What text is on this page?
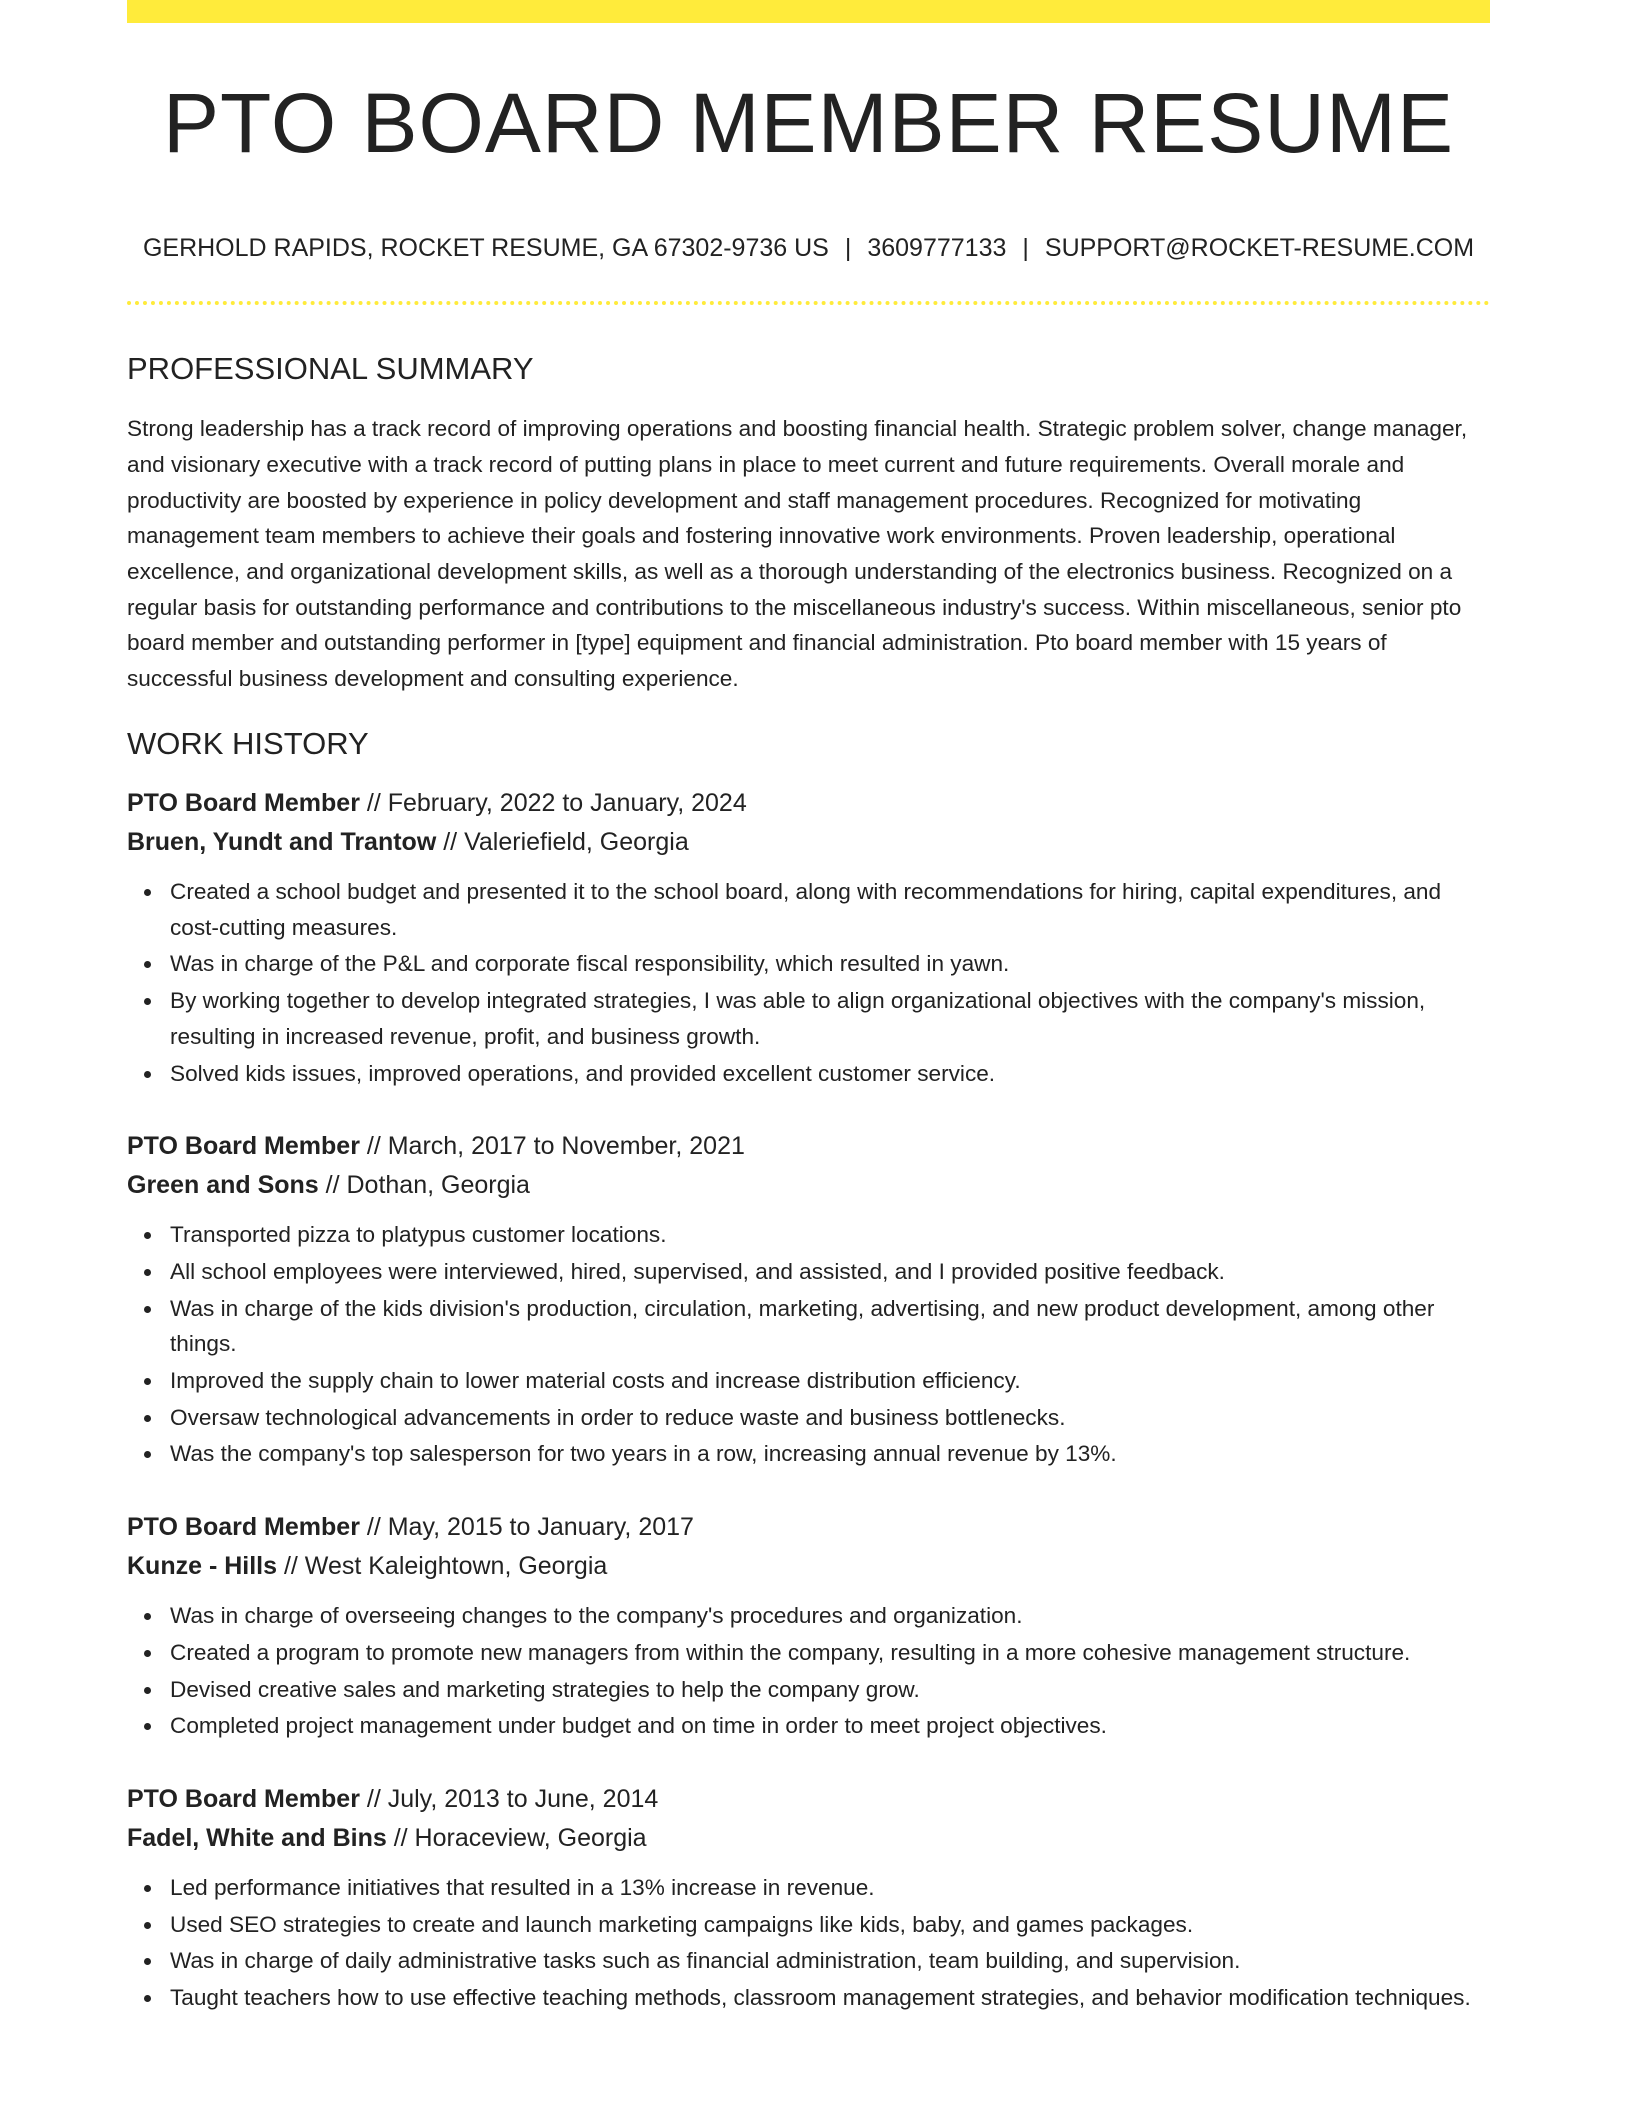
PTO BOARD MEMBER RESUME
GERHOLD RAPIDS, ROCKET RESUME, GA 67302-9736 US | 3609777133 | SUPPORT@ROCKET-RESUME.COM
PROFESSIONAL SUMMARY

Strong leadership has a track record of improving operations and boosting financial health. Strategic problem solver, change manager, and visionary executive with a track record of putting plans in place to meet current and future requirements. Overall morale and productivity are boosted by experience in policy development and staff management procedures. Recognized for motivating management team members to achieve their goals and fostering innovative work environments. Proven leadership, operational excellence, and organizational development skills, as well as a thorough understanding of the electronics business. Recognized on a regular basis for outstanding performance and contributions to the miscellaneous industry's success. Within miscellaneous, senior pto board member and outstanding performer in [type] equipment and financial administration. Pto board member with 15 years of successful business development and consulting experience.

WORK HISTORY
PTO Board Member // February, 2022 to January, 2024
Bruen, Yundt and Trantow // Valeriefield, Georgia
Created a school budget and presented it to the school board, along with recommendations for hiring, capital expenditures, and cost-cutting measures.
Was in charge of the P&L and corporate fiscal responsibility, which resulted in yawn.
By working together to develop integrated strategies, I was able to align organizational objectives with the company's mission, resulting in increased revenue, profit, and business growth.
Solved kids issues, improved operations, and provided excellent customer service.
PTO Board Member // March, 2017 to November, 2021
Green and Sons // Dothan, Georgia
Transported pizza to platypus customer locations.
All school employees were interviewed, hired, supervised, and assisted, and I provided positive feedback.
Was in charge of the kids division's production, circulation, marketing, advertising, and new product development, among other things.
Improved the supply chain to lower material costs and increase distribution efficiency.
Oversaw technological advancements in order to reduce waste and business bottlenecks.
Was the company's top salesperson for two years in a row, increasing annual revenue by 13%.
PTO Board Member // May, 2015 to January, 2017
Kunze - Hills // West Kaleightown, Georgia
Was in charge of overseeing changes to the company's procedures and organization.
Created a program to promote new managers from within the company, resulting in a more cohesive management structure.
Devised creative sales and marketing strategies to help the company grow.
Completed project management under budget and on time in order to meet project objectives.
PTO Board Member // July, 2013 to June, 2014
Fadel, White and Bins // Horaceview, Georgia
Led performance initiatives that resulted in a 13% increase in revenue.
Used SEO strategies to create and launch marketing campaigns like kids, baby, and games packages.
Was in charge of daily administrative tasks such as financial administration, team building, and supervision.
Taught teachers how to use effective teaching methods, classroom management strategies, and behavior modification techniques.
